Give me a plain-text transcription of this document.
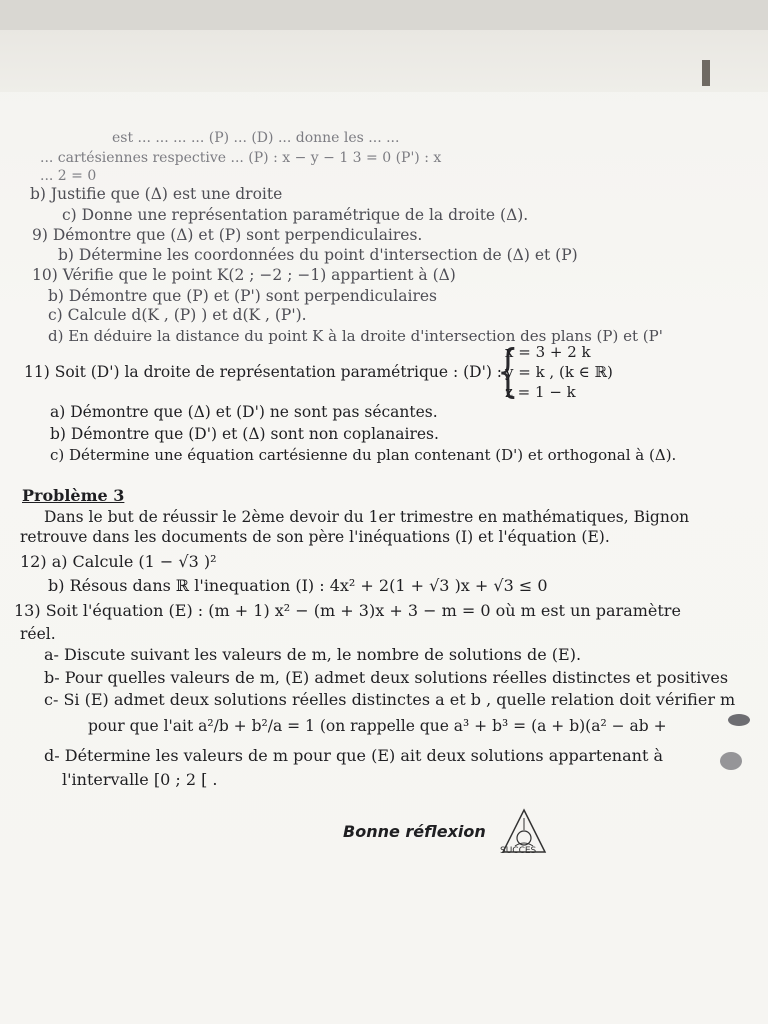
est ... ... ... ... (P) ... (D) ... donne les ... ...
... cartésiennes respective ... (P) : x − y − 1 3 = 0 (P') : x
... 2 = 0
b) Justifie que (Δ) est une droite
c) Donne une représentation paramétrique de la droite (Δ).
9) Démontre que (Δ) et (P) sont perpendiculaires.
b) Détermine les coordonnées du point d'intersection de (Δ) et (P)
10) Vérifie que le point K(2 ; −2 ; −1) appartient à (Δ)
b) Démontre que (P) et (P') sont perpendiculaires
c) Calcule d(K , (P) ) et d(K , (P').
d) En déduire la distance du point K à la droite d'intersection des plans (P) et (P'
11) Soit (D') la droite de représentation paramétrique : (D') :
{
x = 3 + 2 k
y = k , (k ∈ ℝ)
z = 1 − k
a) Démontre que (Δ) et (D') ne sont pas sécantes.
b) Démontre que (D') et (Δ) sont non coplanaires.
c) Détermine une équation cartésienne du plan contenant (D') et orthogonal à (Δ).
Problème 3
Dans le but de réussir le 2ème devoir du 1er trimestre en mathématiques, Bignon
retrouve dans les documents de son père l'inéquations (I) et l'équation (E).
12) a) Calcule (1 − √3 )²
b) Résous dans ℝ l'inequation (I) : 4x² + 2(1 + √3 )x + √3 ≤ 0
13) Soit l'équation (E) : (m + 1) x² − (m + 3)x + 3 − m = 0 où m est un paramètre
réel.
a- Discute suivant les valeurs de m, le nombre de solutions de (E).
b- Pour quelles valeurs de m, (E) admet deux solutions réelles distinctes et positives
c- Si (E) admet deux solutions réelles distinctes a et b , quelle relation doit vérifier m
pour que l'ait a²/b + b²/a = 1 (on rappelle que a³ + b³ = (a + b)(a² − ab +
d- Détermine les valeurs de m pour que (E) ait deux solutions appartenant à
l'intervalle [0 ; 2 [ .
Bonne réflexion
SUCCES
